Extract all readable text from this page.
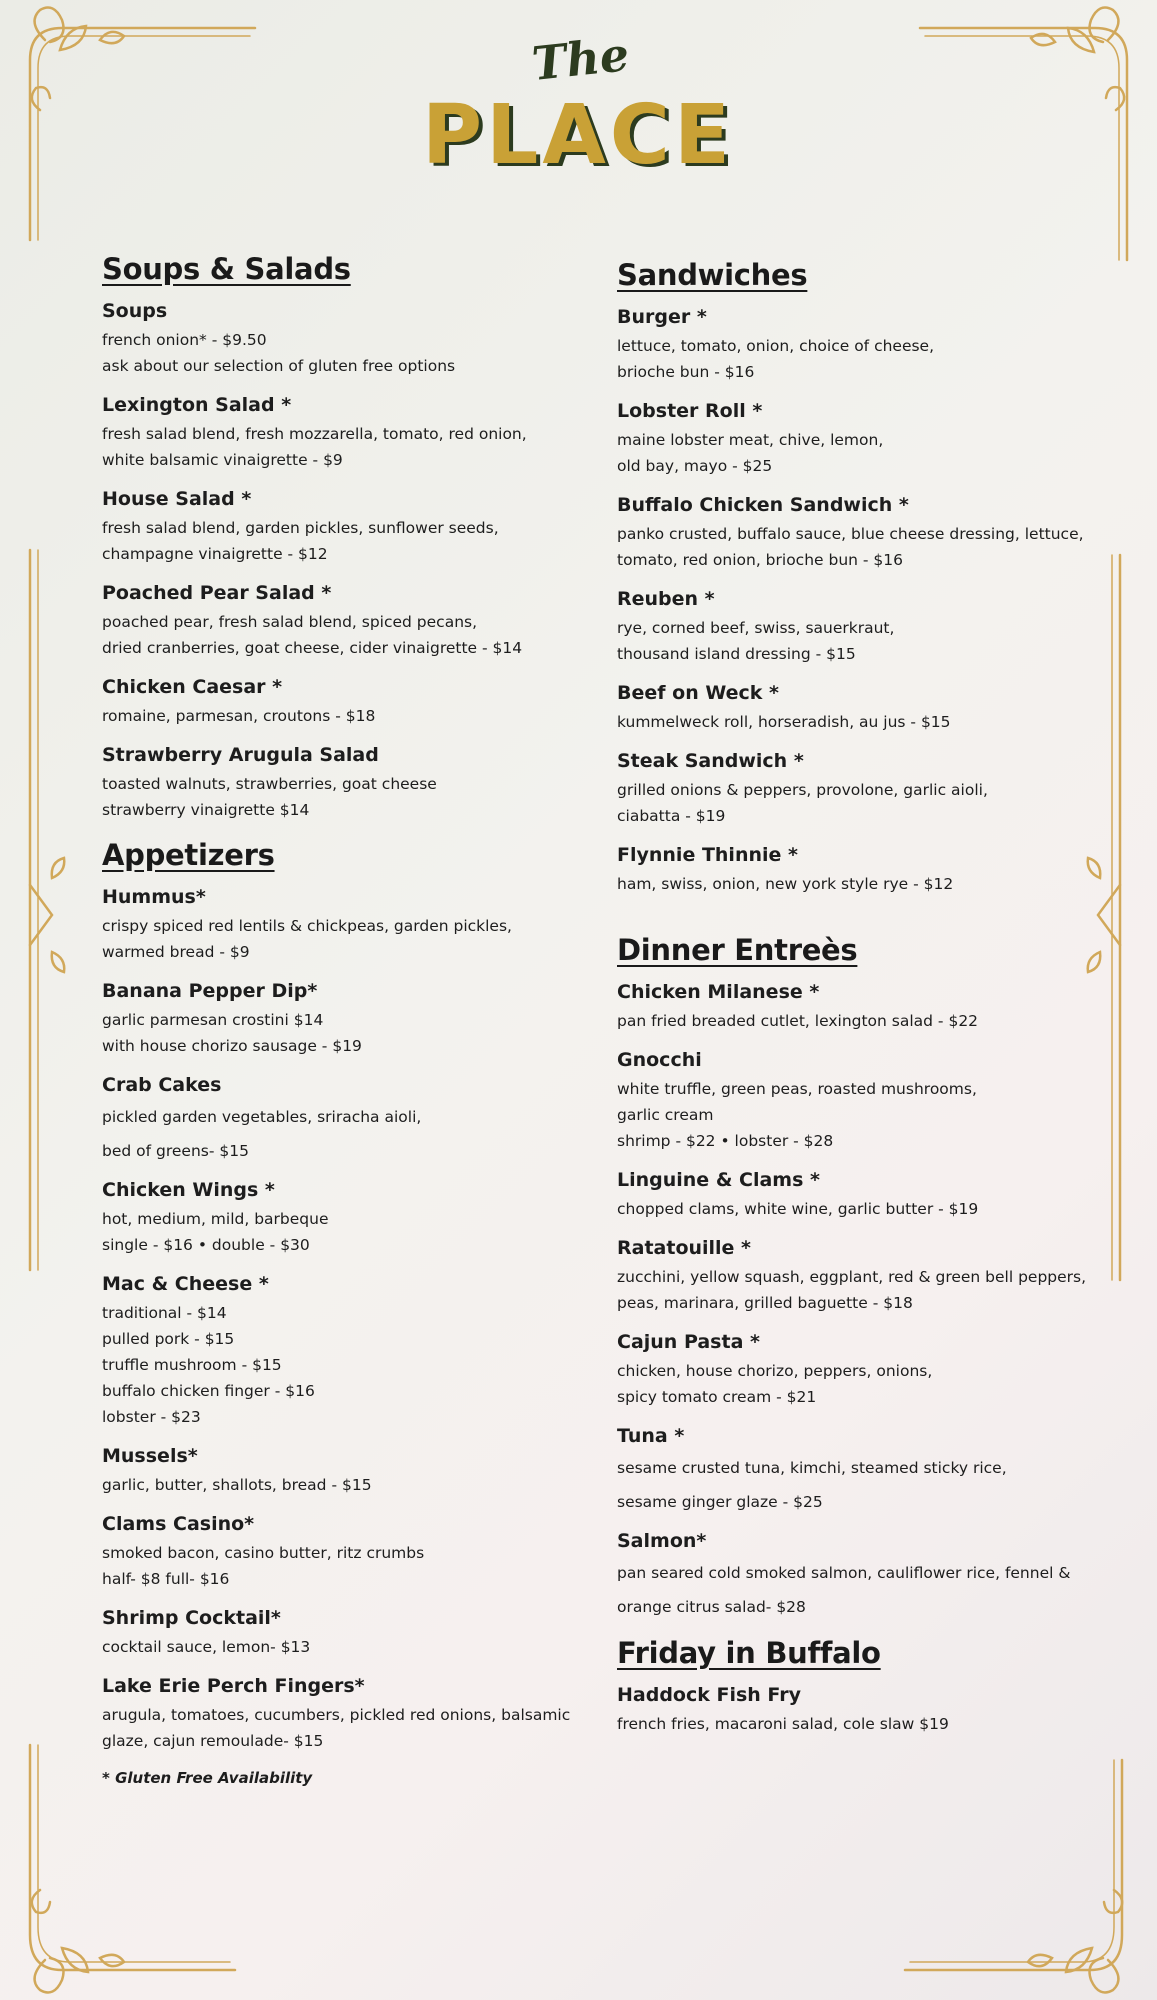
The
PLACE
Soups & Salads
Soups
french onion* - $9.50
ask about our selection of gluten free options
Lexington Salad *
fresh salad blend, fresh mozzarella, tomato, red onion,
white balsamic vinaigrette - $9
House Salad *
fresh salad blend, garden pickles, sunflower seeds,
champagne vinaigrette - $12
Poached Pear Salad *
poached pear, fresh salad blend, spiced pecans,
dried cranberries, goat cheese, cider vinaigrette - $14
Chicken Caesar *
romaine, parmesan, croutons - $18
Strawberry Arugula Salad
toasted walnuts, strawberries, goat cheese
strawberry vinaigrette $14
Appetizers
Hummus*
crispy spiced red lentils & chickpeas, garden pickles,
warmed bread - $9
Banana Pepper Dip*
garlic parmesan crostini $14
with house chorizo sausage - $19
Crab Cakes
pickled garden vegetables, sriracha aioli,
bed of greens- $15
Chicken Wings *
hot, medium, mild, barbeque
single - $16 • double - $30
Mac & Cheese *
traditional - $14
pulled pork - $15
truffle mushroom - $15
buffalo chicken finger - $16
lobster - $23
Mussels*
garlic, butter, shallots, bread - $15
Clams Casino*
smoked bacon, casino butter, ritz crumbs
half- $8 full- $16
Shrimp Cocktail*
cocktail sauce, lemon- $13
Lake Erie Perch Fingers*
arugula, tomatoes, cucumbers, pickled red onions, balsamic
glaze, cajun remoulade- $15
* Gluten Free Availability
Sandwiches
Burger *
lettuce, tomato, onion, choice of cheese,
brioche bun - $16
Lobster Roll *
maine lobster meat, chive, lemon,
old bay, mayo - $25
Buffalo Chicken Sandwich *
panko crusted, buffalo sauce, blue cheese dressing, lettuce,
tomato, red onion, brioche bun - $16
Reuben *
rye, corned beef, swiss, sauerkraut,
thousand island dressing - $15
Beef on Weck *
kummelweck roll, horseradish, au jus - $15
Steak Sandwich *
grilled onions & peppers, provolone, garlic aioli,
ciabatta - $19
Flynnie Thinnie *
ham, swiss, onion, new york style rye - $12
Dinner Entreès
Chicken Milanese *
pan fried breaded cutlet, lexington salad - $22
Gnocchi
white truffle, green peas, roasted mushrooms,
garlic cream
shrimp - $22 • lobster - $28
Linguine & Clams *
chopped clams, white wine, garlic butter - $19
Ratatouille *
zucchini, yellow squash, eggplant, red & green bell peppers,
peas, marinara, grilled baguette - $18
Cajun Pasta *
chicken, house chorizo, peppers, onions,
spicy tomato cream - $21
Tuna *
sesame crusted tuna, kimchi, steamed sticky rice,
sesame ginger glaze - $25
Salmon*
pan seared cold smoked salmon, cauliflower rice, fennel &
orange citrus salad- $28
Friday in Buffalo
Haddock Fish Fry
french fries, macaroni salad, cole slaw $19
